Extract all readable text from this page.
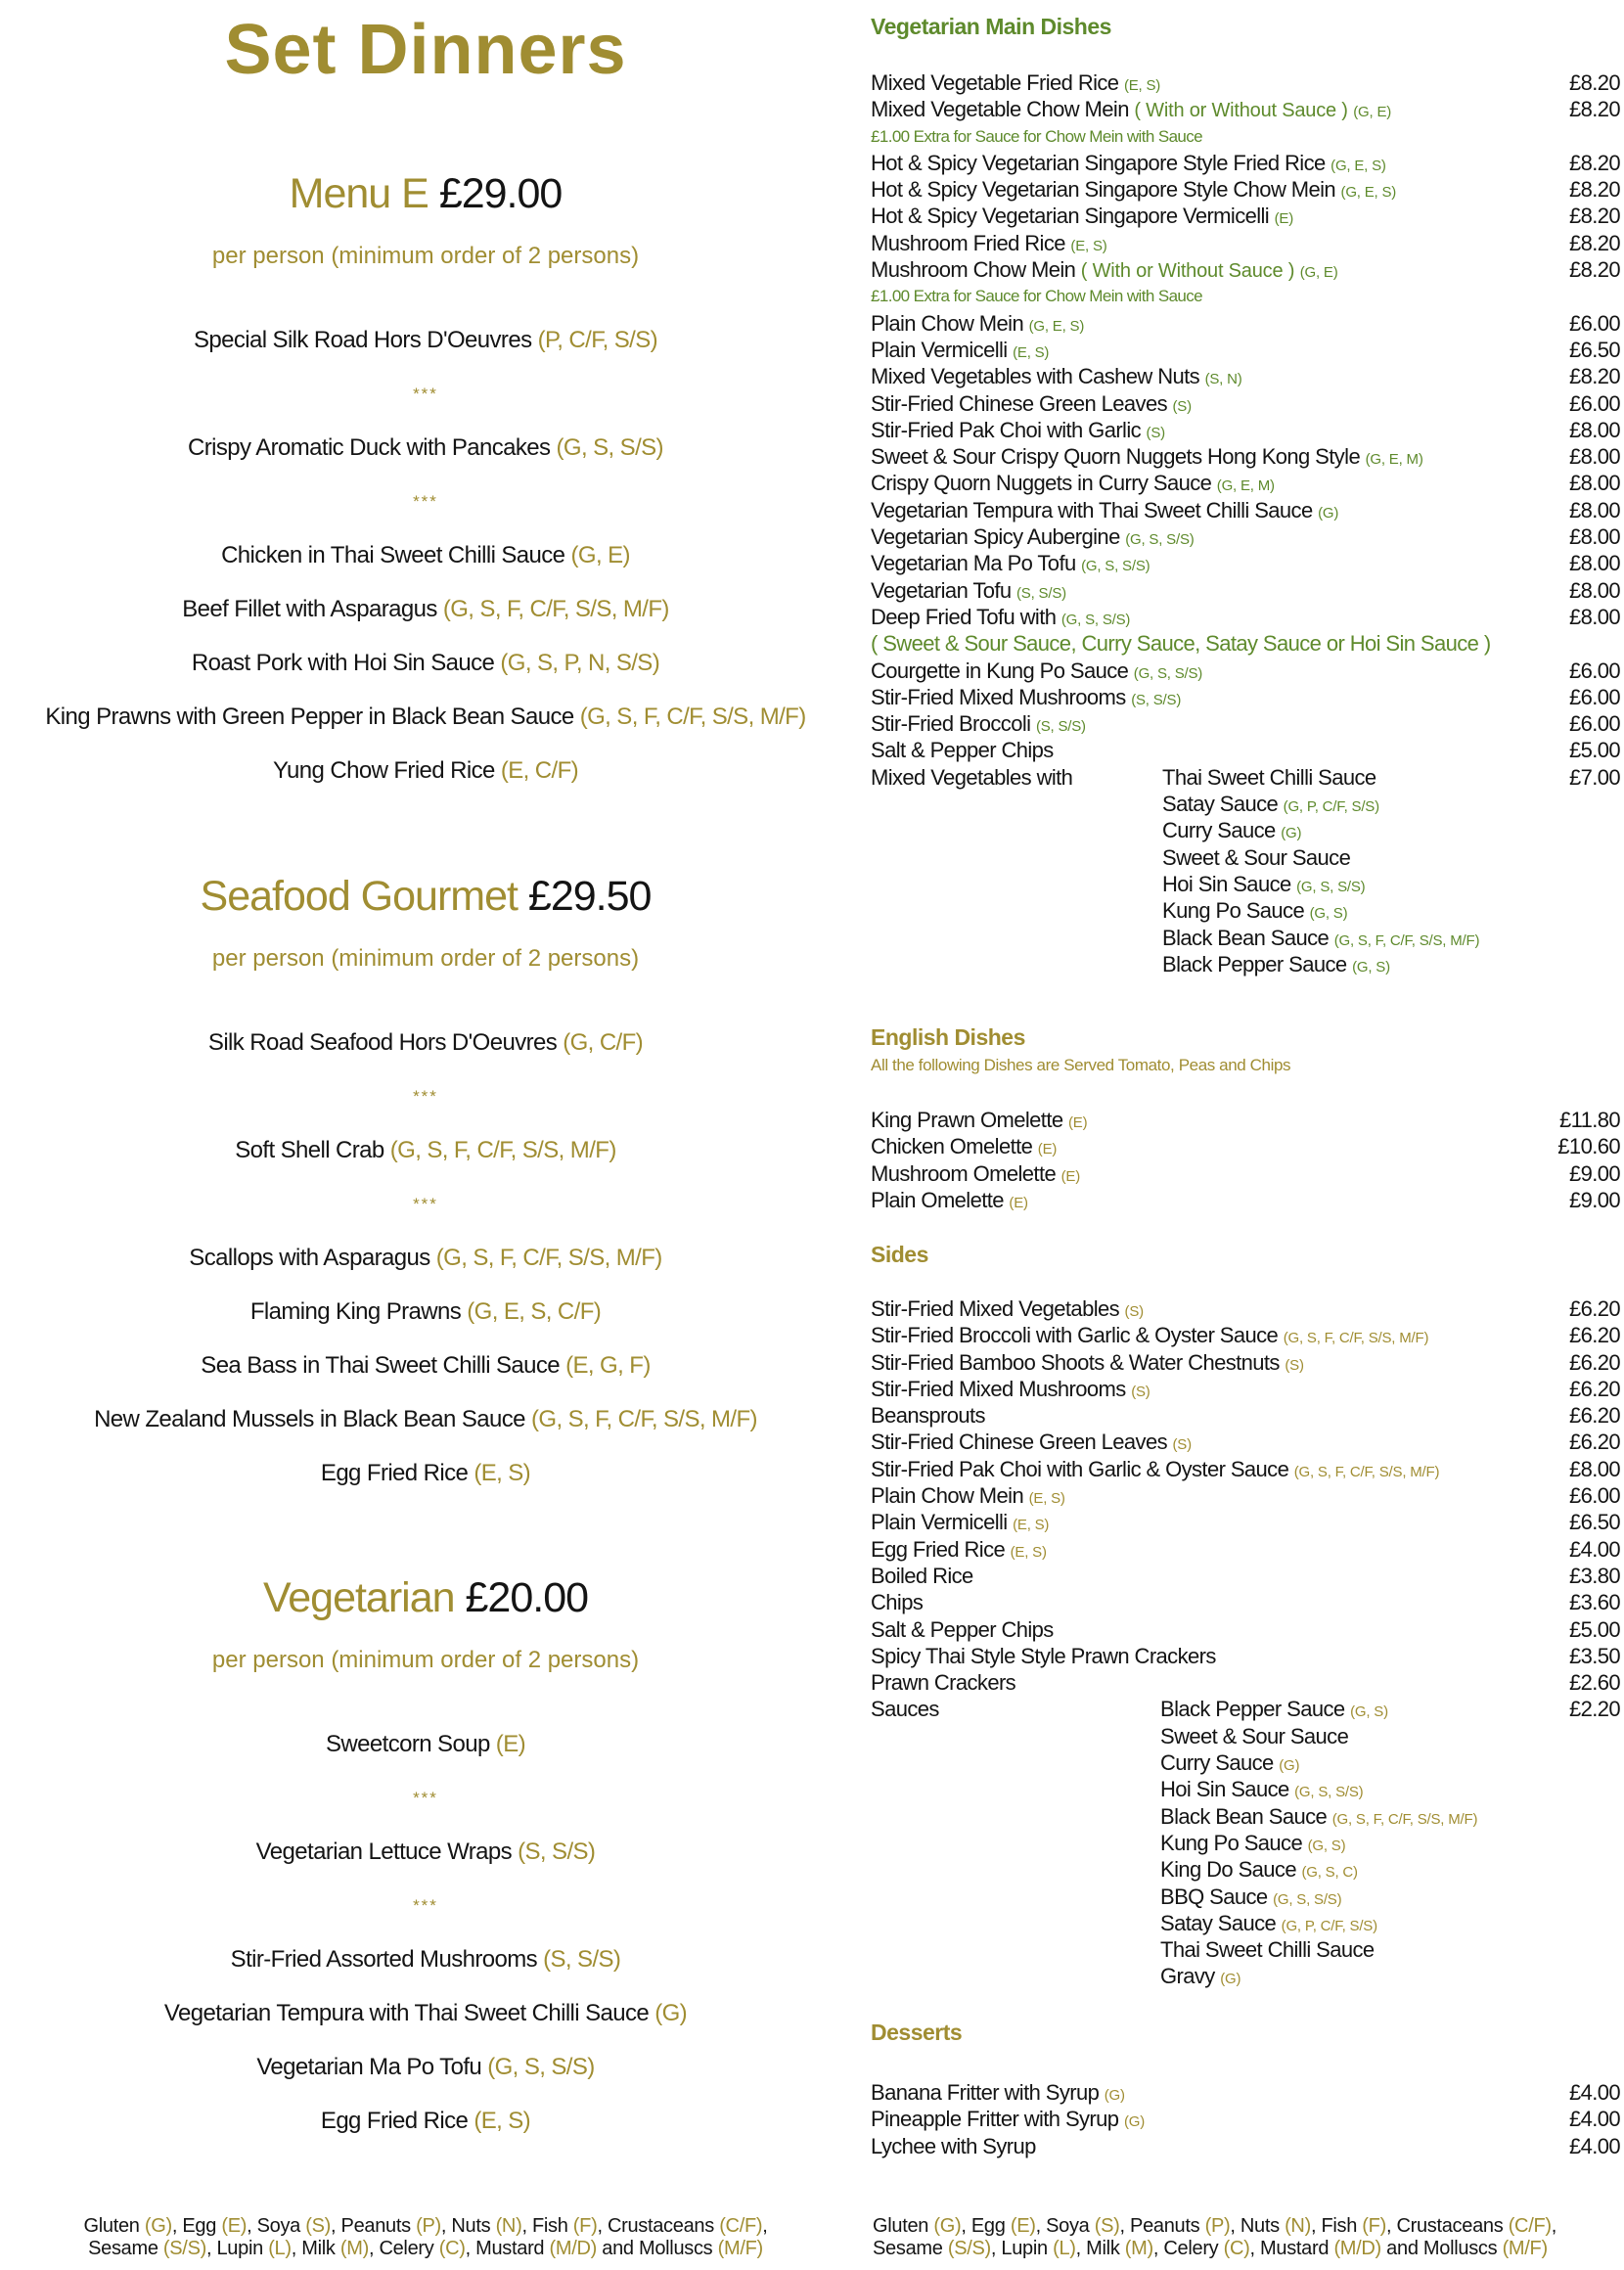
Set Dinners
Menu E £29.00
per person (minimum order of 2 persons)
Special Silk Road Hors D'Oeuvres (P, C/F, S/S)
***
Crispy Aromatic Duck with Pancakes (G, S, S/S)
***
Chicken in Thai Sweet Chilli Sauce (G, E)
Beef Fillet with Asparagus (G, S, F, C/F, S/S, M/F)
Roast Pork with Hoi Sin Sauce (G, S, P, N, S/S)
King Prawns with Green Pepper in Black Bean Sauce (G, S, F, C/F, S/S, M/F)
Yung Chow Fried Rice (E, C/F)
Seafood Gourmet £29.50
per person (minimum order of 2 persons)
Silk Road Seafood Hors D'Oeuvres (G, C/F)
***
Soft Shell Crab (G, S, F, C/F, S/S, M/F)
***
Scallops with Asparagus (G, S, F, C/F, S/S, M/F)
Flaming King Prawns (G, E, S, C/F)
Sea Bass in Thai Sweet Chilli Sauce (E, G, F)
New Zealand Mussels in Black Bean Sauce (G, S, F, C/F, S/S, M/F)
Egg Fried Rice (E, S)
Vegetarian £20.00
per person (minimum order of 2 persons)
Sweetcorn Soup (E)
***
Vegetarian Lettuce Wraps (S, S/S)
***
Stir-Fried Assorted Mushrooms (S, S/S)
Vegetarian Tempura with Thai Sweet Chilli Sauce (G)
Vegetarian Ma Po Tofu (G, S, S/S)
Egg Fried Rice (E, S)
Gluten (G), Egg (E), Soya (S), Peanuts (P), Nuts (N), Fish (F), Crustaceans (C/F),
Sesame (S/S), Lupin (L), Milk (M), Celery (C), Mustard (M/D) and Molluscs (M/F)
Vegetarian Main Dishes
Mixed Vegetable Fried Rice (E, S)	£8.20
Mixed Vegetable Chow Mein ( With or Without Sauce ) (G, E)	£8.20
£1.00 Extra for Sauce for Chow Mein with Sauce
Hot & Spicy Vegetarian Singapore Style Fried Rice (G, E, S)	£8.20
Hot & Spicy Vegetarian Singapore Style Chow Mein (G, E, S)	£8.20
Hot & Spicy Vegetarian Singapore Vermicelli (E)	£8.20
Mushroom Fried Rice (E, S)	£8.20
Mushroom Chow Mein ( With or Without Sauce ) (G, E)	£8.20
£1.00 Extra for Sauce for Chow Mein with Sauce
Plain Chow Mein (G, E, S)	£6.00
Plain Vermicelli (E, S)	£6.50
Mixed Vegetables with Cashew Nuts (S, N)	£8.20
Stir-Fried Chinese Green Leaves (S)	£6.00
Stir-Fried Pak Choi with Garlic (S)	£8.00
Sweet & Sour Crispy Quorn Nuggets Hong Kong Style (G, E, M)	£8.00
Crispy Quorn Nuggets in Curry Sauce (G, E, M)	£8.00
Vegetarian Tempura with Thai Sweet Chilli Sauce (G)	£8.00
Vegetarian Spicy Aubergine (G, S, S/S)	£8.00
Vegetarian Ma Po Tofu (G, S, S/S)	£8.00
Vegetarian Tofu (S, S/S)	£8.00
Deep Fried Tofu with (G, S, S/S)	£8.00
( Sweet & Sour Sauce, Curry Sauce, Satay Sauce or Hoi Sin Sauce )
Courgette in Kung Po Sauce (G, S, S/S)	£6.00
Stir-Fried Mixed Mushrooms (S, S/S)	£6.00
Stir-Fried Broccoli (S, S/S)	£6.00
Salt & Pepper Chips	£5.00
Mixed Vegetables with	Thai Sweet Chilli Sauce	£7.00
Satay Sauce (G, P, C/F, S/S)
Curry Sauce (G)
Sweet & Sour Sauce
Hoi Sin Sauce (G, S, S/S)
Kung Po Sauce (G, S)
Black Bean Sauce (G, S, F, C/F, S/S, M/F)
Black Pepper Sauce (G, S)
English Dishes
All the following Dishes are Served Tomato, Peas and Chips
King Prawn Omelette (E)	£11.80
Chicken Omelette (E)	£10.60
Mushroom Omelette (E)	£9.00
Plain Omelette (E)	£9.00
Sides
Stir-Fried Mixed Vegetables (S)	£6.20
Stir-Fried Broccoli with Garlic & Oyster Sauce (G, S, F, C/F, S/S, M/F)	£6.20
Stir-Fried Bamboo Shoots & Water Chestnuts (S)	£6.20
Stir-Fried Mixed Mushrooms (S)	£6.20
Beansprouts	£6.20
Stir-Fried Chinese Green Leaves (S)	£6.20
Stir-Fried Pak Choi with Garlic & Oyster Sauce (G, S, F, C/F, S/S, M/F)	£8.00
Plain Chow Mein (E, S)	£6.00
Plain Vermicelli (E, S)	£6.50
Egg Fried Rice (E, S)	£4.00
Boiled Rice	£3.80
Chips	£3.60
Salt & Pepper Chips	£5.00
Spicy Thai Style Style Prawn Crackers	£3.50
Prawn Crackers	£2.60
Sauces	Black Pepper Sauce (G, S)	£2.20
Sweet & Sour Sauce
Curry Sauce (G)
Hoi Sin Sauce (G, S, S/S)
Black Bean Sauce (G, S, F, C/F, S/S, M/F)
Kung Po Sauce (G, S)
King Do Sauce (G, S, C)
BBQ Sauce (G, S, S/S)
Satay Sauce (G, P, C/F, S/S)
Thai Sweet Chilli Sauce
Gravy (G)
Desserts
Banana Fritter with Syrup (G)	£4.00
Pineapple Fritter with Syrup (G)	£4.00
Lychee with Syrup	£4.00
Gluten (G), Egg (E), Soya (S), Peanuts (P), Nuts (N), Fish (F), Crustaceans (C/F),
Sesame (S/S), Lupin (L), Milk (M), Celery (C), Mustard (M/D) and Molluscs (M/F)
